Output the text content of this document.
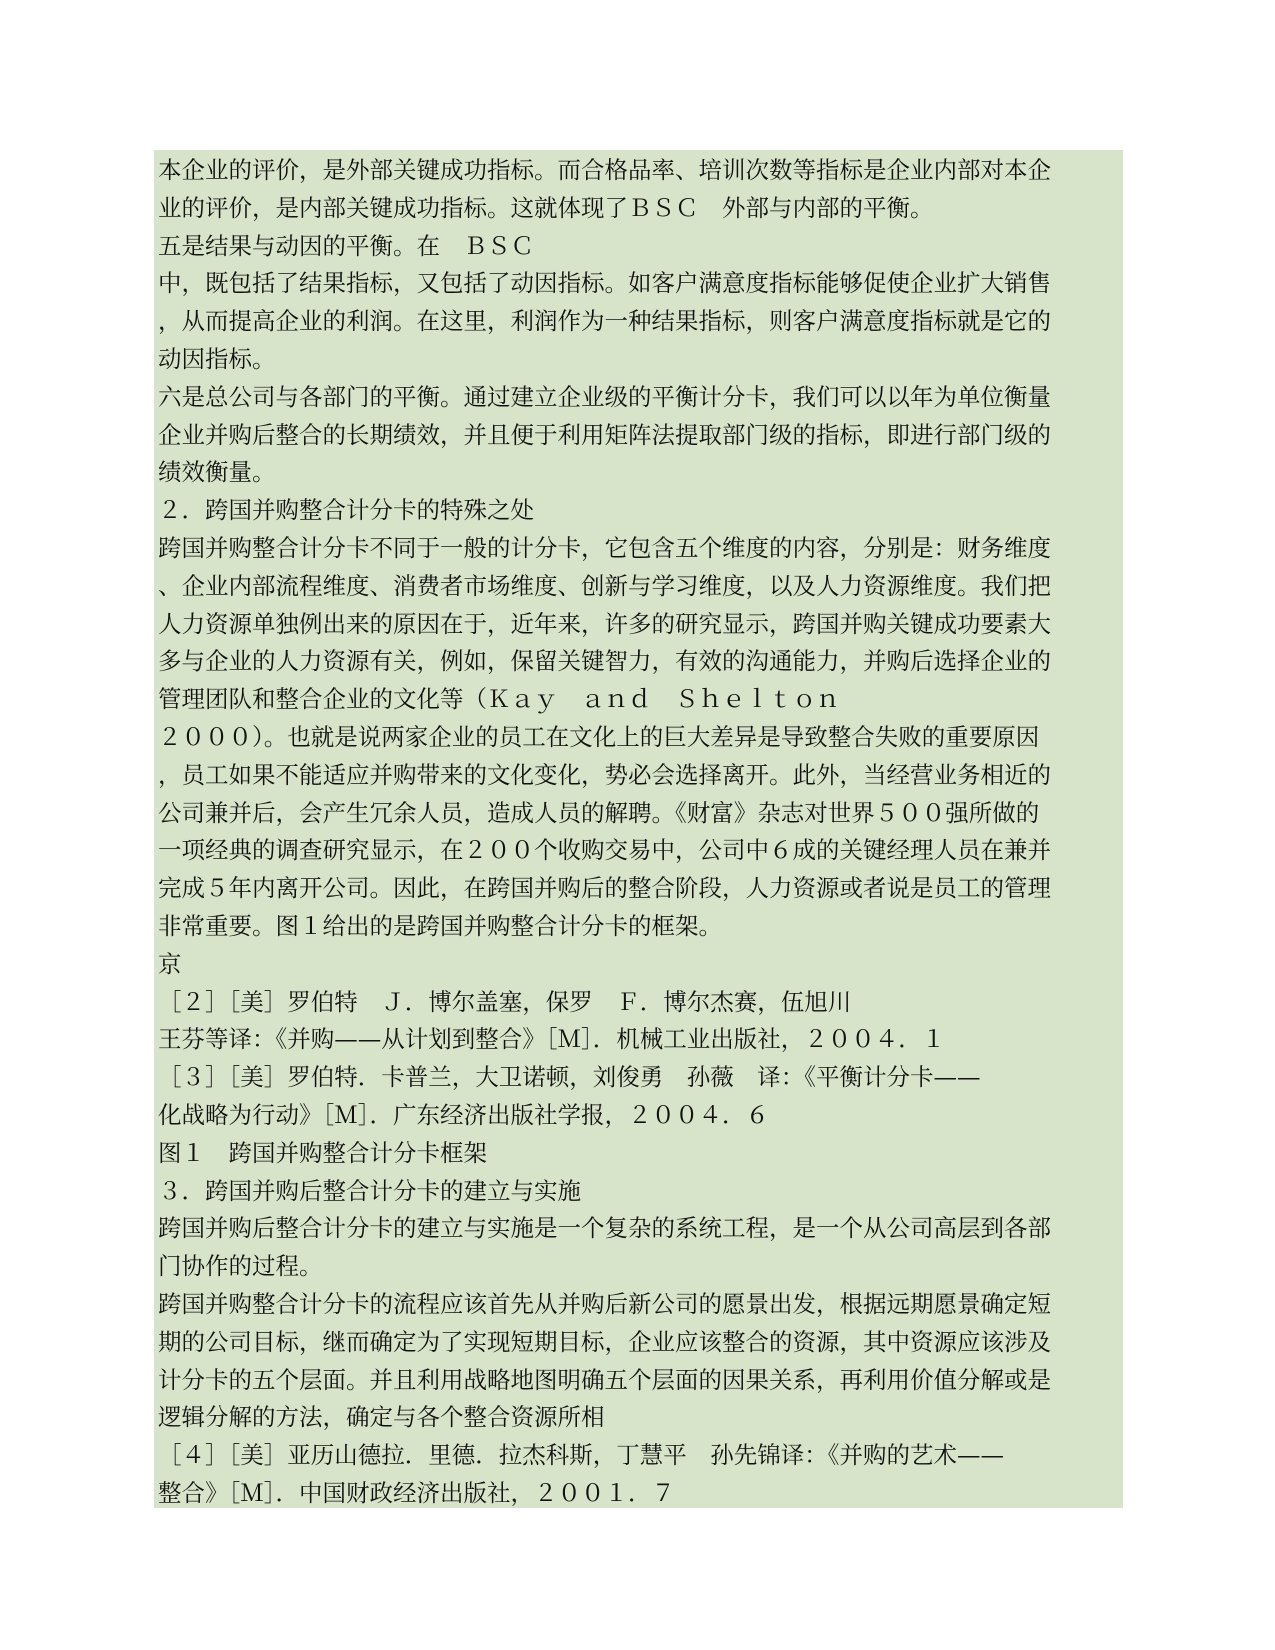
本企业的评价，是外部关键成功指标。而合格品率、培训次数等指标是企业内部对本企
业的评价，是内部关键成功指标。这就体现了ＢＳＣ　外部与内部的平衡。
五是结果与动因的平衡。在　ＢＳＣ
中，既包括了结果指标，又包括了动因指标。如客户满意度指标能够促使企业扩大销售
，从而提高企业的利润。在这里，利润作为一种结果指标，则客户满意度指标就是它的
动因指标。
六是总公司与各部门的平衡。通过建立企业级的平衡计分卡，我们可以以年为单位衡量
企业并购后整合的长期绩效，并且便于利用矩阵法提取部门级的指标，即进行部门级的
绩效衡量。
２．跨国并购整合计分卡的特殊之处
跨国并购整合计分卡不同于一般的计分卡，它包含五个维度的内容，分别是：财务维度
、企业内部流程维度、消费者市场维度、创新与学习维度，以及人力资源维度。我们把
人力资源单独例出来的原因在于，近年来，许多的研究显示，跨国并购关键成功要素大
多与企业的人力资源有关，例如，保留关键智力，有效的沟通能力，并购后选择企业的
管理团队和整合企业的文化等（Ｋａｙ　ａｎｄ　Ｓｈｅｌｔｏｎ
２０００）。也就是说两家企业的员工在文化上的巨大差异是导致整合失败的重要原因
，员工如果不能适应并购带来的文化变化，势必会选择离开。此外，当经营业务相近的
公司兼并后，会产生冗余人员，造成人员的解聘。《财富》杂志对世界５００强所做的
一项经典的调查研究显示，在２００个收购交易中，公司中６成的关键经理人员在兼并
完成５年内离开公司。因此，在跨国并购后的整合阶段，人力资源或者说是员工的管理
非常重要。图１给出的是跨国并购整合计分卡的框架。
京
［２］［美］罗伯特　Ｊ．博尔盖塞，保罗　Ｆ．博尔杰赛，伍旭川
王芬等译：《并购——从计划到整合》［Ｍ］．机械工业出版社，２００４．１
［３］［美］罗伯特．卡普兰，大卫诺顿，刘俊勇　孙薇　译：《平衡计分卡——
化战略为行动》［Ｍ］．广东经济出版社学报，２００４．６
图１　跨国并购整合计分卡框架
３．跨国并购后整合计分卡的建立与实施
跨国并购后整合计分卡的建立与实施是一个复杂的系统工程，是一个从公司高层到各部
门协作的过程。
跨国并购整合计分卡的流程应该首先从并购后新公司的愿景出发，根据远期愿景确定短
期的公司目标，继而确定为了实现短期目标，企业应该整合的资源，其中资源应该涉及
计分卡的五个层面。并且利用战略地图明确五个层面的因果关系，再利用价值分解或是
逻辑分解的方法，确定与各个整合资源所相
［４］［美］亚历山德拉．里德．拉杰科斯，丁慧平　孙先锦译：《并购的艺术——
整合》［Ｍ］．中国财政经济出版社，２００１．７
